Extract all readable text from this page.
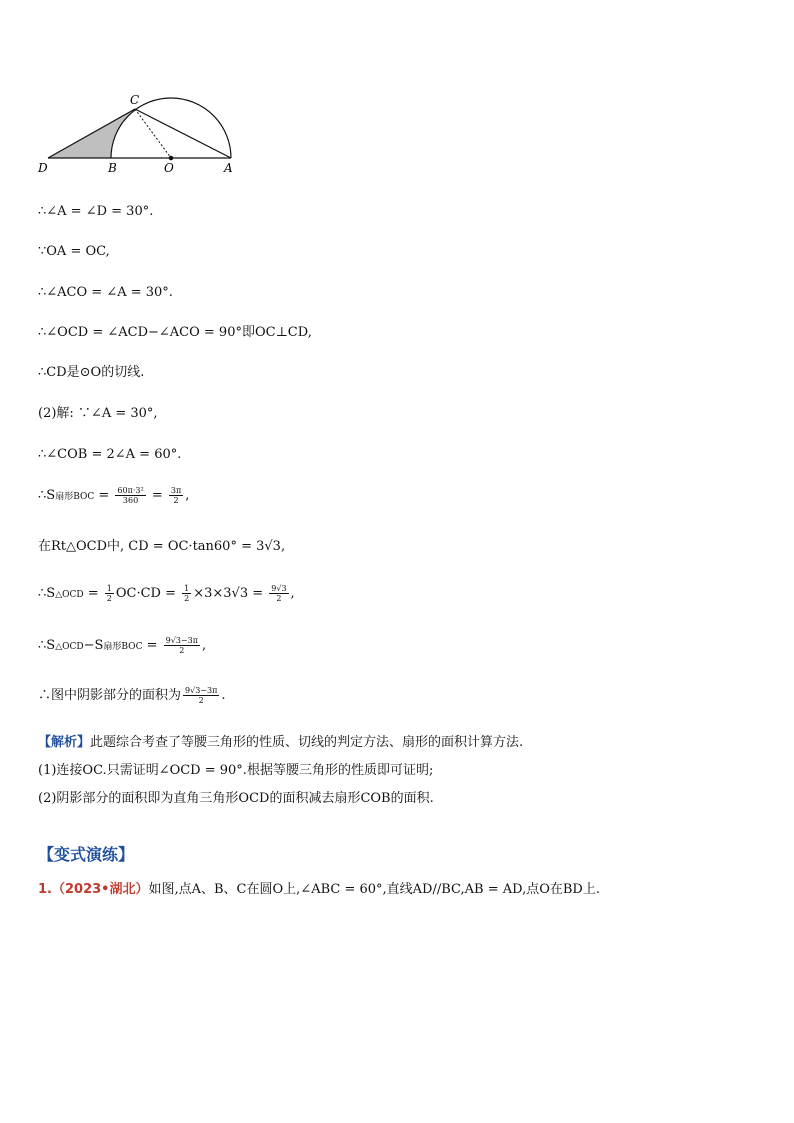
C
D	B	O	A
∴∠A = ∠D = 30°.
∵OA = OC,
∴∠ACO = ∠A = 30°.
∴∠OCD = ∠ACD−∠ACO = 90°即OC⊥CD,
∴CD是⊙O的切线.
(2)解: ∵∠A = 30°,
∴∠COB = 2∠A = 60°.
∴S扇形BOC = $\frac{\text{60π·3²}}{360} = \frac{3\pi}{2}$ ,
在Rt△OCD中, CD = OC·tan60° = 3√3,
∴S△OCD = $\frac{1}{2} OC\cdot CD = \frac{1}{2} \times 3\times 3√3 = \frac{9√3}{2}$ ,
∴S△OCD−S扇形BOC = $\frac{9√3-3\pi}{2}$ ,
∴图中阴影部分的面积为 $\frac{9√3-3\pi}{2}$ .
【解析】此题综合考查了等腰三角形的性质、切线的判定方法、扇形的面积计算方法.
(1)连接OC.只需证明∠OCD = 90°.根据等腰三角形的性质即可证明;
(2)阴影部分的面积即为直角三角形OCD的面积减去扇形COB的面积.
【变式演练】
1.（2023•湖北）如图,点A、B、C在圆O上,∠ABC = 60°,直线AD//BC,AB = AD,点O在BD上.
